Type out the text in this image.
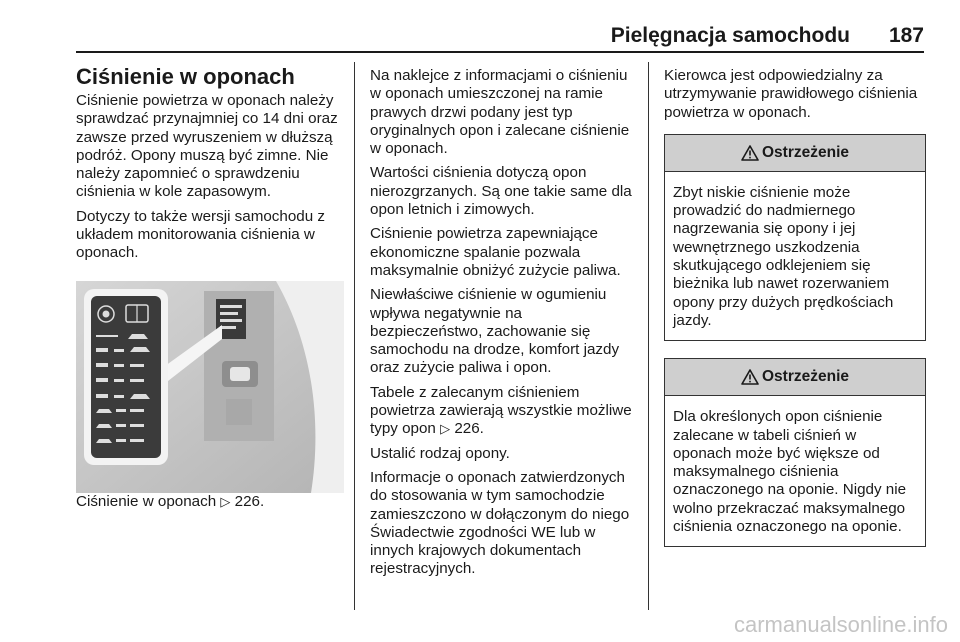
Pielęgnacja samochodu 187
Ciśnienie w oponach

Ciśnienie powietrza w oponach należy sprawdzać przynajmniej co 14 dni oraz zawsze przed wyruszeniem w dłuższą podróż. Opony muszą być zimne. Nie należy zapomnieć o sprawdzeniu ciśnienia w kole zapasowym.

Dotyczy to także wersji samochodu z układem monitorowania ciśnienia w oponach.

Ciśnienie w oponach ▷ 226.

Na naklejce z informacjami o ciśnieniu w oponach umieszczonej na ramie prawych drzwi podany jest typ oryginalnych opon i zalecane ciśnienie w oponach.

Wartości ciśnienia dotyczą opon nierozgrzanych. Są one takie same dla opon letnich i zimowych.

Ciśnienie powietrza zapewniające ekonomiczne spalanie pozwala maksymalnie obniżyć zużycie paliwa.

Niewłaściwe ciśnienie w ogumieniu wpływa negatywnie na bezpieczeństwo, zachowanie się samochodu na drodze, komfort jazdy oraz zużycie paliwa i opon.

Tabele z zalecanym ciśnieniem powietrza zawierają wszystkie możliwe typy opon ▷ 226.

Ustalić rodzaj opony.

Informacje o oponach zatwierdzonych do stosowania w tym samochodzie zamieszczono w dołączonym do niego Świadectwie zgodności WE lub w innych krajowych dokumentach rejestracyjnych.

Kierowca jest odpowiedzialny za utrzymywanie prawidłowego ciśnienia powietrza w oponach.

Ostrzeżenie
Zbyt niskie ciśnienie może prowadzić do nadmiernego nagrzewania się opony i jej wewnętrznego uszkodzenia skutkującego odklejeniem się bieżnika lub nawet rozerwaniem opony przy dużych prędkościach jazdy.
Ostrzeżenie
Dla określonych opon ciśnienie zalecane w tabeli ciśnień w oponach może być większe od maksymalnego ciśnienia oznaczonego na oponie. Nigdy nie wolno przekraczać maksymalnego ciśnienia oznaczonego na oponie.
carmanualsonline.info
